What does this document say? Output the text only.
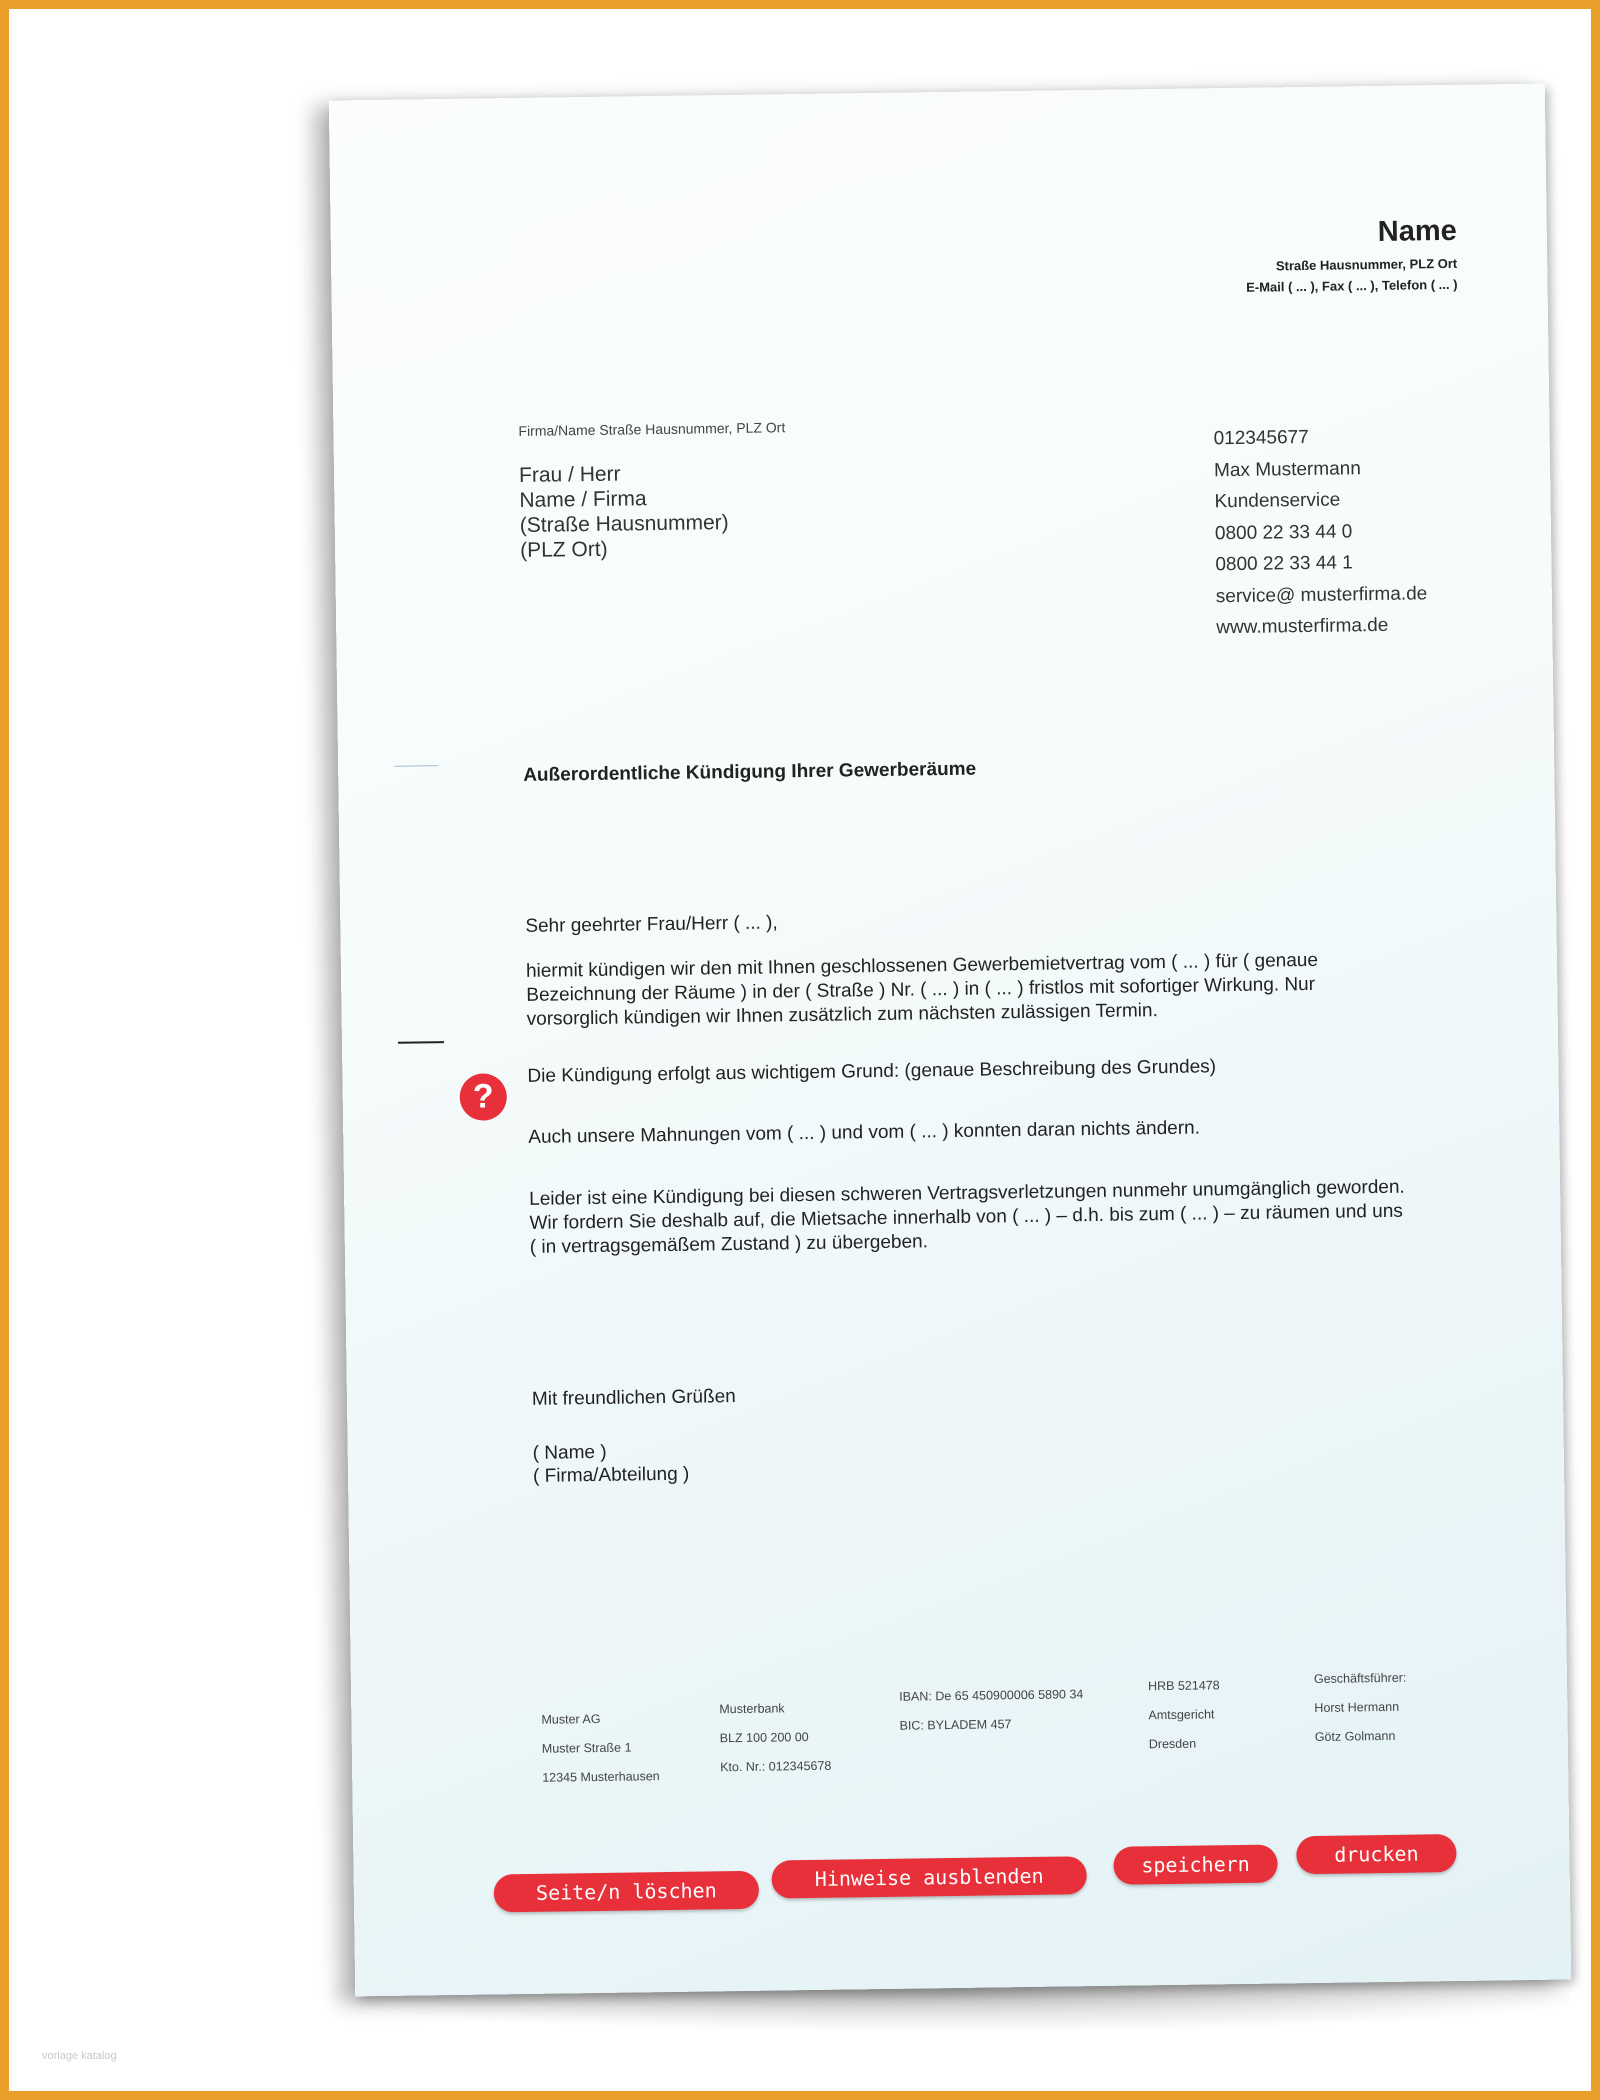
Name
Straße Hausnummer, PLZ Ort
E-Mail ( ... ), Fax ( ... ), Telefon ( ... )
Firma/Name Straße Hausnummer, PLZ Ort
Frau / Herr
Name / Firma
(Straße Hausnummer)
(PLZ Ort)
012345677
Max Mustermann
Kundenservice
0800 22 33 44 0
0800 22 33 44 1
service@ musterfirma.de
www.musterfirma.de
Außerordentliche Kündigung Ihrer Gewerberäume
Sehr geehrter Frau/Herr ( ... ),
hiermit kündigen wir den mit Ihnen geschlossenen Gewerbemietvertrag vom ( ... ) für ( genaue Bezeichnung der Räume ) in der ( Straße ) Nr. ( ... ) in ( ... ) fristlos mit sofortiger Wirkung. Nur vorsorglich kündigen wir Ihnen zusätzlich zum nächsten zulässigen Termin.
Die Kündigung erfolgt aus wichtigem Grund: (genaue Beschreibung des Grundes)
Auch unsere Mahnungen vom ( ... ) und vom ( ... ) konnten daran nichts ändern.
Leider ist eine Kündigung bei diesen schweren Vertragsverletzungen nunmehr unumgänglich geworden. Wir fordern Sie deshalb auf, die Mietsache innerhalb von ( ... ) – d.h. bis zum ( ... ) – zu räumen und uns ( in vertragsgemäßem Zustand ) zu übergeben.
?
Mit freundlichen Grüßen
( Name )
( Firma/Abteilung )
Muster AG
Muster Straße 1
12345 Musterhausen
Musterbank
BLZ 100 200 00
Kto. Nr.: 012345678
IBAN: De 65 450900006 5890 34
BIC: BYLADEM 457
HRB 521478
Amtsgericht
Dresden
Geschäftsführer:
Horst Hermann
Götz Golmann
Seite/n löschen
Hinweise ausblenden	speichern	drucken
vorlage katalog
